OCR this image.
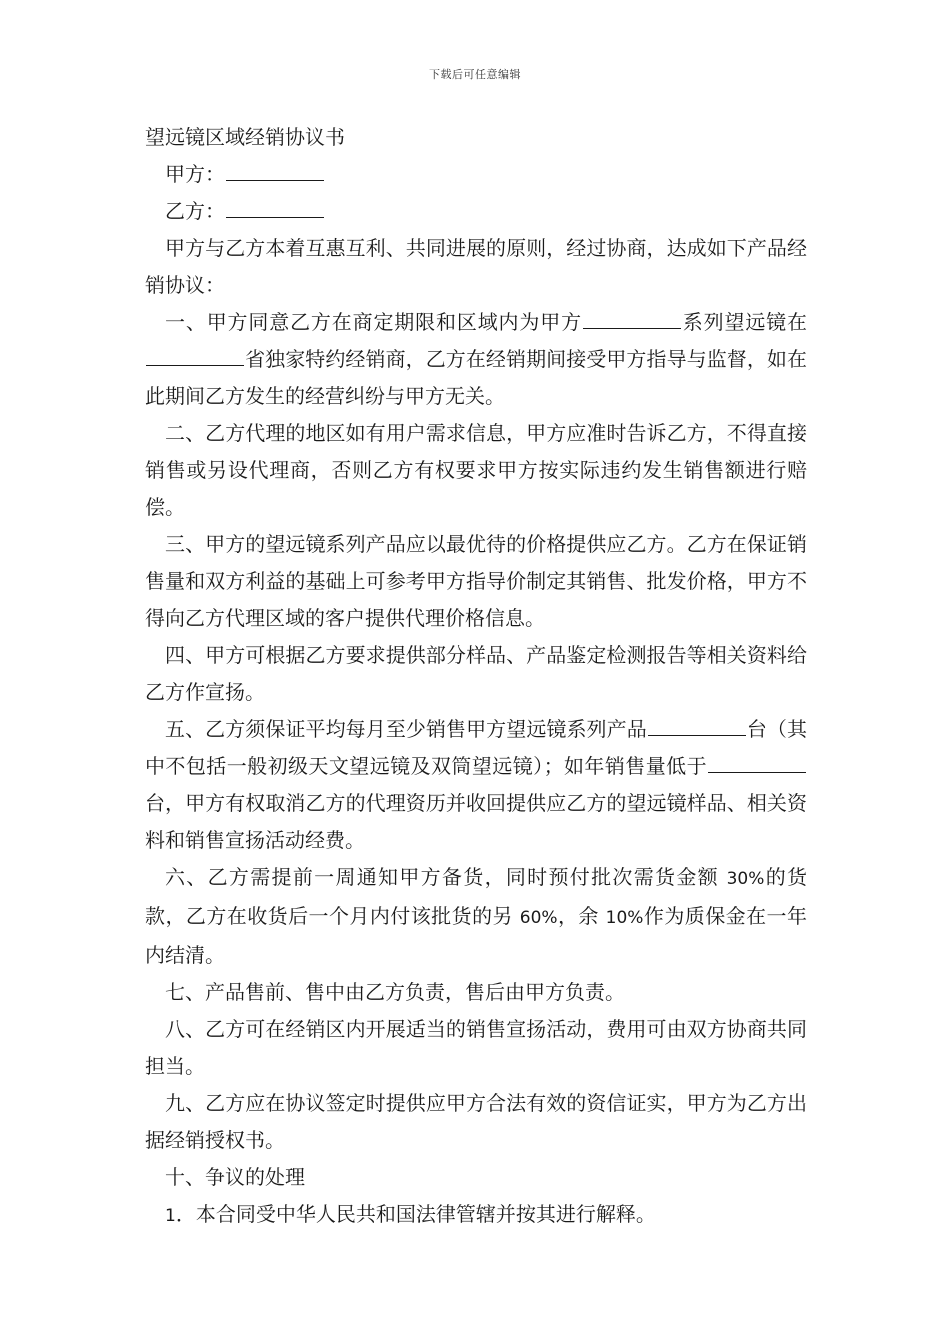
下载后可任意编辑

望远镜区域经销协议书

甲方：

乙方：

甲方与乙方本着互惠互利、共同进展的原则，经过协商，达成如下产品经销协议：

一、甲方同意乙方在商定期限和区域内为甲方	系列望远镜在省独家特约经销商，乙方在经销期间接受甲方指导与监督，如在此期间乙方发生的经营纠纷与甲方无关。

二、乙方代理的地区如有用户需求信息，甲方应准时告诉乙方，不得直接销售或另设代理商，否则乙方有权要求甲方按实际违约发生销售额进行赔偿。

三、甲方的望远镜系列产品应以最优待的价格提供应乙方。乙方在保证销售量和双方利益的基础上可参考甲方指导价制定其销售、批发价格，甲方不得向乙方代理区域的客户提供代理价格信息。

四、甲方可根据乙方要求提供部分样品、产品鉴定检测报告等相关资料给乙方作宣扬。

五、乙方须保证平均每月至少销售甲方望远镜系列产品	台（其中不包括一般初级天文望远镜及双筒望远镜）；如年销售量低于台，甲方有权取消乙方的代理资历并收回提供应乙方的望远镜样品、相关资料和销售宣扬活动经费。

六、乙方需提前一周通知甲方备货，同时预付批次需货金额 30%的货款，乙方在收货后一个月内付该批货的另 60%，余 10%作为质保金在一年内结清。

七、产品售前、售中由乙方负责，售后由甲方负责。

八、乙方可在经销区内开展适当的销售宣扬活动，费用可由双方协商共同担当。

九、乙方应在协议签定时提供应甲方合法有效的资信证实，甲方为乙方出据经销授权书。

十、争议的处理

1．本合同受中华人民共和国法律管辖并按其进行解释。
